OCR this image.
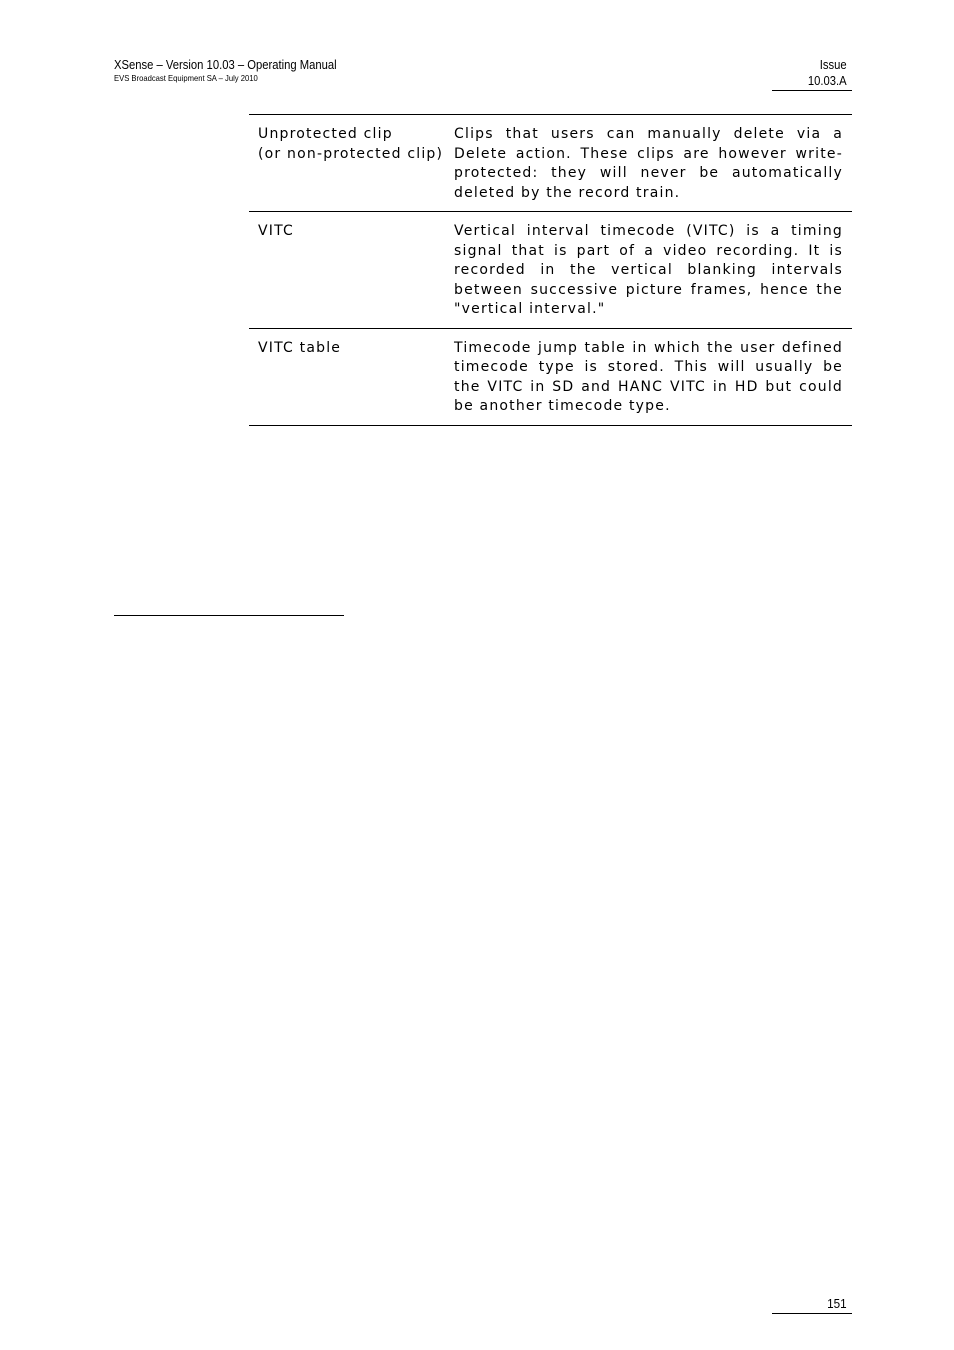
XSense – Version 10.03 – Operating Manual
EVS Broadcast Equipment SA – July 2010
Issue
10.03.A
Unprotected clip
(or non-protected clip)
Clips that users can manually delete via a Delete action. These clips are however write-protected: they will never be automatically deleted by the record train.
VITC	Vertical interval timecode (VITC) is a timing signal that is part of a video recording. It is recorded in the vertical blanking intervals between successive picture frames, hence the "vertical interval."
VITC table	Timecode jump table in which the user defined timecode type is stored. This will usually be the VITC in SD and HANC VITC in HD but could be another timecode type.
151
